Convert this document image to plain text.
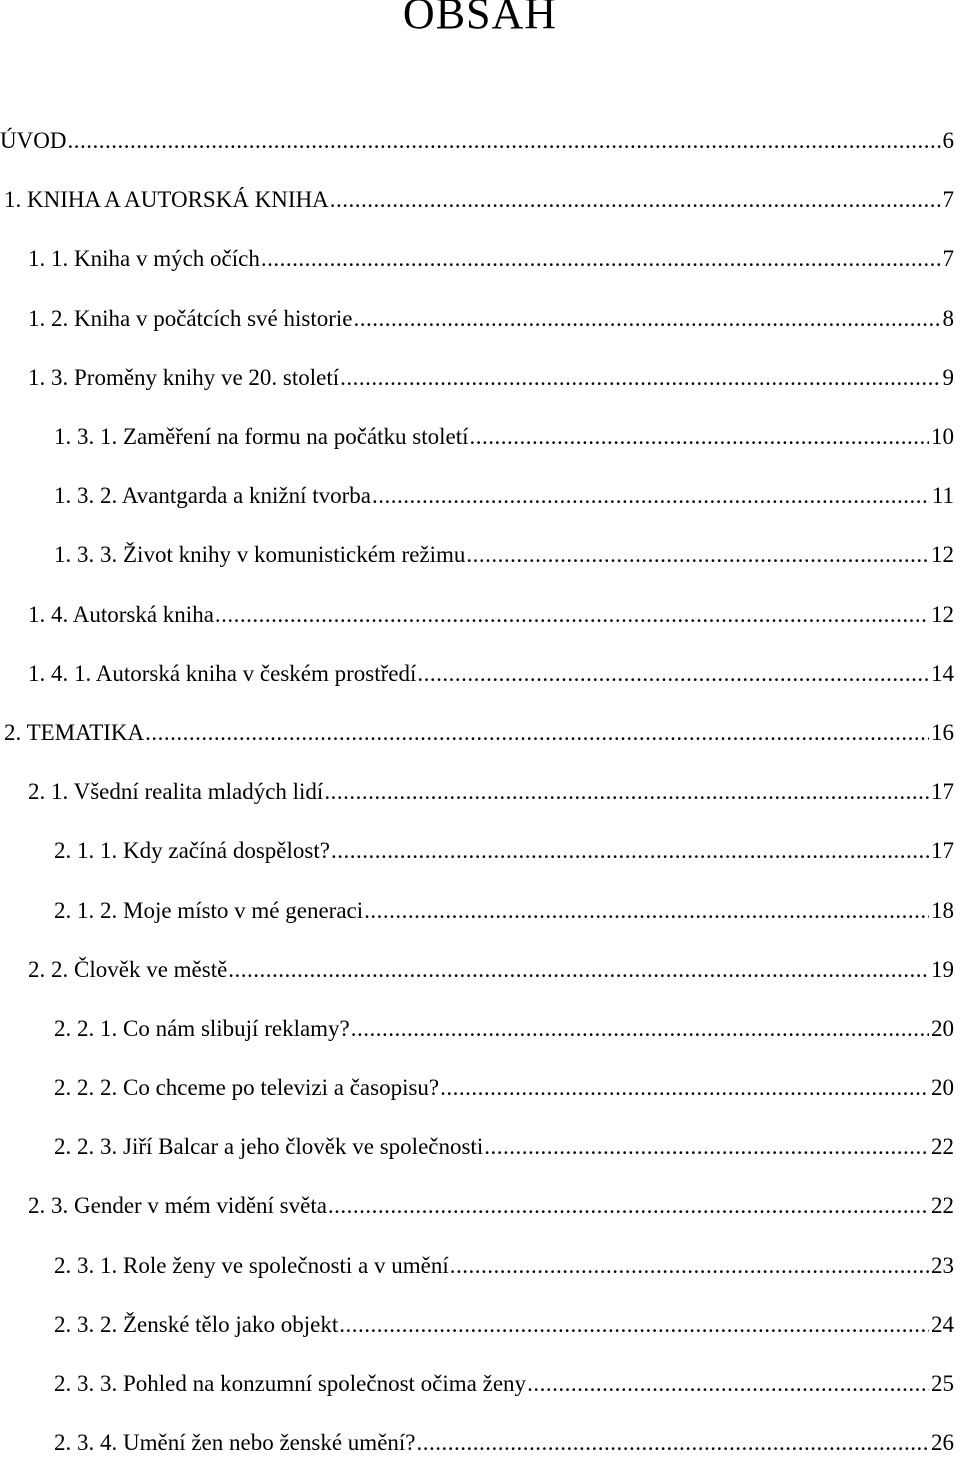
OBSAH
ÚVOD .....	6
1. KNIHA A AUTORSKÁ KNIHA .....	7
1. 1. Kniha v mých očích .....	7
1. 2. Kniha v počátcích své historie .....	8
1. 3. Proměny knihy ve 20. století .....	9
1. 3. 1. Zaměření na formu na počátku století .....	10
1. 3. 2. Avantgarda a knižní tvorba .....	11
1. 3. 3. Život knihy v komunistickém režimu .....	12
1. 4. Autorská kniha .....	12
1. 4. 1. Autorská kniha v českém prostředí .....	14
2. TEMATIKA .....	16
2. 1. Všední realita mladých lidí .....	17
2. 1. 1. Kdy začíná dospělost? .....	17
2. 1. 2. Moje místo v mé generaci .....	18
2. 2. Člověk ve městě .....	19
2. 2. 1. Co nám slibují reklamy? .....	20
2. 2. 2. Co chceme po televizi a časopisu? .....	20
2. 2. 3. Jiří Balcar a jeho člověk ve společnosti .....	22
2. 3. Gender v mém vidění světa .....	22
2. 3. 1. Role ženy ve společnosti a v umění .....	23
2. 3. 2. Ženské tělo jako objekt .....	24
2. 3. 3. Pohled na konzumní společnost očima ženy .....	25
2. 3. 4. Umění žen nebo ženské umění? .....	26
